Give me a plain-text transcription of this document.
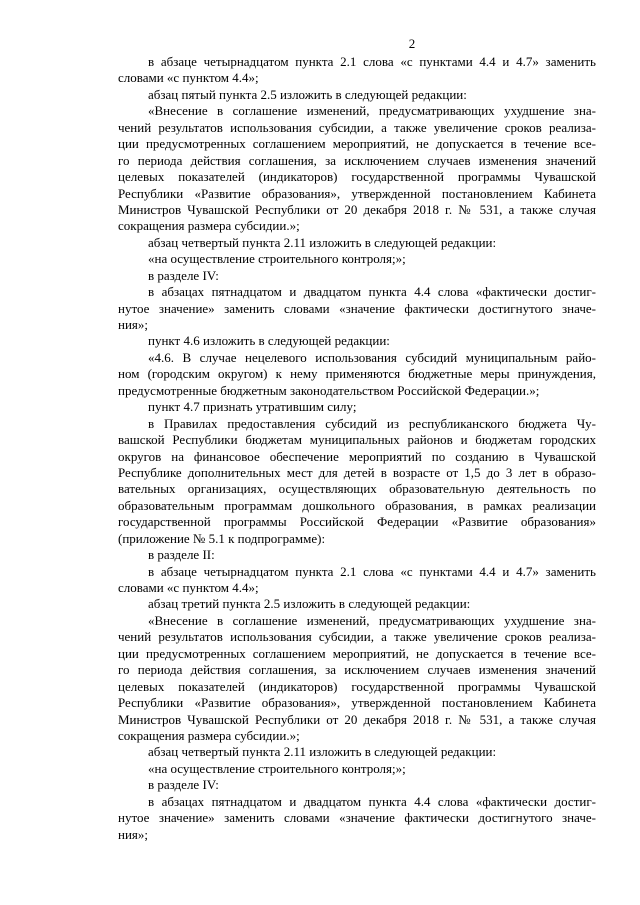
2
в абзаце четырнадцатом пункта 2.1 слова «с пунктами 4.4 и 4.7» заменить
словами «с пунктом 4.4»;
абзац пятый пункта 2.5 изложить в следующей редакции:
«Внесение в соглашение изменений, предусматривающих ухудшение зна-
чений результатов использования субсидии, а также увеличение сроков реализа-
ции предусмотренных соглашением мероприятий, не допускается в течение все-
го периода действия соглашения, за исключением случаев изменения значений
целевых показателей (индикаторов) государственной программы Чувашской
Республики «Развитие образования», утвержденной постановлением Кабинета
Министров Чувашской Республики от 20 декабря 2018 г. № 531, а также случая
сокращения размера субсидии.»;
абзац четвертый пункта 2.11 изложить в следующей редакции:
«на осуществление строительного контроля;»;
в разделе IV:
в абзацах пятнадцатом и двадцатом пункта 4.4 слова «фактически достиг-
нутое значение» заменить словами «значение фактически достигнутого значе-
ния»;
пункт 4.6 изложить в следующей редакции:
«4.6. В случае нецелевого использования субсидий муниципальным райо-
ном (городским округом) к нему применяются бюджетные меры принуждения,
предусмотренные бюджетным законодательством Российской Федерации.»;
пункт 4.7 признать утратившим силу;
в Правилах предоставления субсидий из республиканского бюджета Чу-
вашской Республики бюджетам муниципальных районов и бюджетам городских
округов на финансовое обеспечение мероприятий по созданию в Чувашской
Республике дополнительных мест для детей в возрасте от 1,5 до 3 лет в образо-
вательных организациях, осуществляющих образовательную деятельность по
образовательным программам дошкольного образования, в рамках реализации
государственной программы Российской Федерации «Развитие образования»
(приложение № 5.1 к подпрограмме):
в разделе II:
в абзаце четырнадцатом пункта 2.1 слова «с пунктами 4.4 и 4.7» заменить
словами «с пунктом 4.4»;
абзац третий пункта 2.5 изложить в следующей редакции:
«Внесение в соглашение изменений, предусматривающих ухудшение зна-
чений результатов использования субсидии, а также увеличение сроков реализа-
ции предусмотренных соглашением мероприятий, не допускается в течение все-
го периода действия соглашения, за исключением случаев изменения значений
целевых показателей (индикаторов) государственной программы Чувашской
Республики «Развитие образования», утвержденной постановлением Кабинета
Министров Чувашской Республики от 20 декабря 2018 г. № 531, а также случая
сокращения размера субсидии.»;
абзац четвертый пункта 2.11 изложить в следующей редакции:
«на осуществление строительного контроля;»;
в разделе IV:
в абзацах пятнадцатом и двадцатом пункта 4.4 слова «фактически достиг-
нутое значение» заменить словами «значение фактически достигнутого значе-
ния»;
